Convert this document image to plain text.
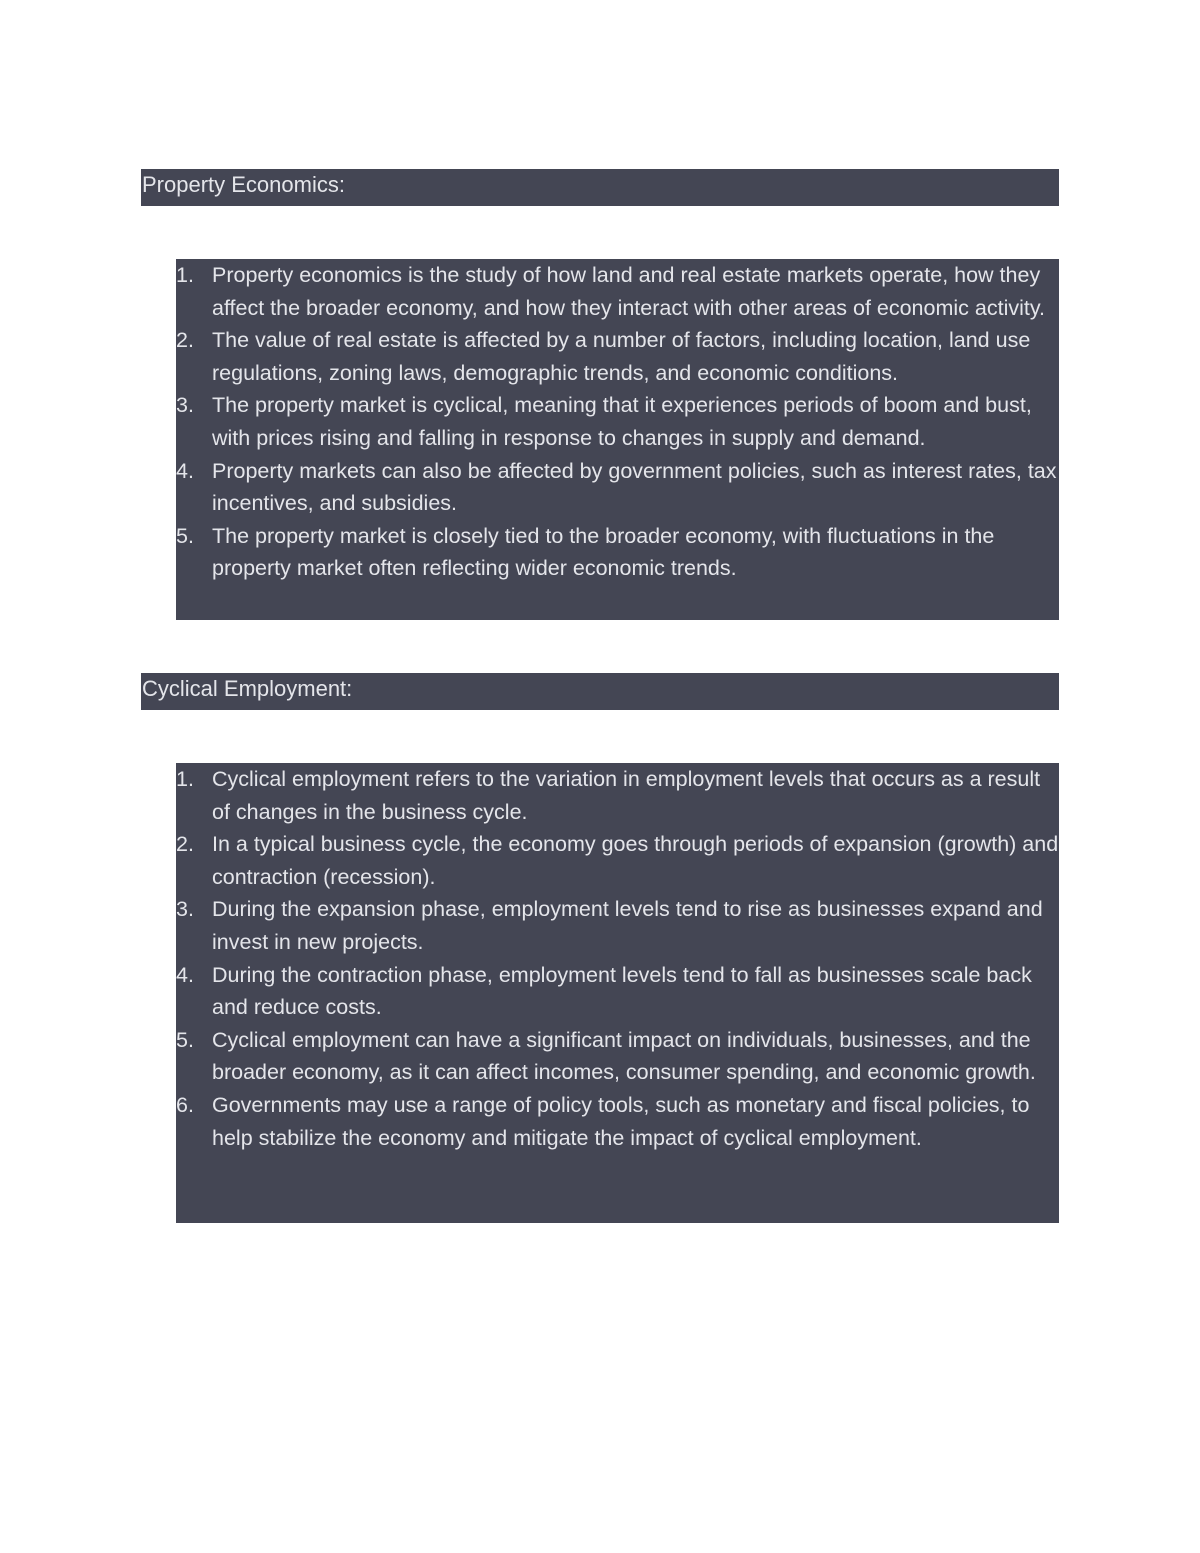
Property Economics:
1. Property economics is the study of how land and real estate markets operate, how they affect the broader economy, and how they interact with other areas of economic activity.
2. The value of real estate is affected by a number of factors, including location, land use regulations, zoning laws, demographic trends, and economic conditions.
3. The property market is cyclical, meaning that it experiences periods of boom and bust, with prices rising and falling in response to changes in supply and demand.
4. Property markets can also be affected by government policies, such as interest rates, tax incentives, and subsidies.
5. The property market is closely tied to the broader economy, with fluctuations in the property market often reflecting wider economic trends.
Cyclical Employment:
1. Cyclical employment refers to the variation in employment levels that occurs as a result of changes in the business cycle.
2. In a typical business cycle, the economy goes through periods of expansion (growth) and contraction (recession).
3. During the expansion phase, employment levels tend to rise as businesses expand and invest in new projects.
4. During the contraction phase, employment levels tend to fall as businesses scale back and reduce costs.
5. Cyclical employment can have a significant impact on individuals, businesses, and the broader economy, as it can affect incomes, consumer spending, and economic growth.
6. Governments may use a range of policy tools, such as monetary and fiscal policies, to help stabilize the economy and mitigate the impact of cyclical employment.
